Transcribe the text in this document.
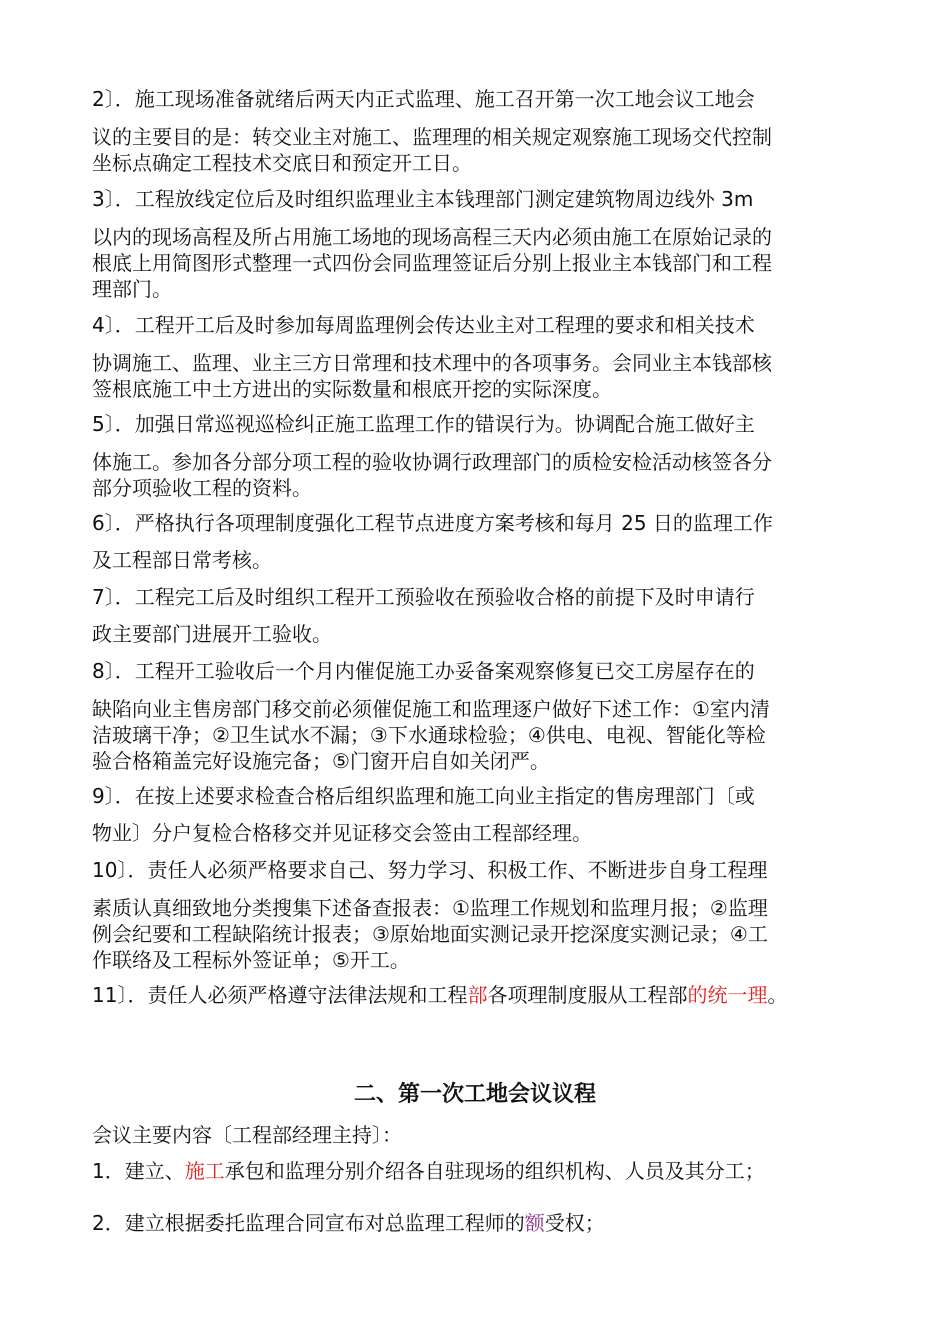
2〕．施工现场准备就绪后两天内正式监理、施工召开第一次工地会议工地会
议的主要目的是：转交业主对施工、监理理的相关规定观察施工现场交代控制
坐标点确定工程技术交底日和预定开工日。
3〕．工程放线定位后及时组织监理业主本钱理部门测定建筑物周边线外 3m
以内的现场高程及所占用施工场地的现场高程三天内必须由施工在原始记录的
根底上用简图形式整理一式四份会同监理签证后分别上报业主本钱部门和工程
理部门。
4〕．工程开工后及时参加每周监理例会传达业主对工程理的要求和相关技术
协调施工、监理、业主三方日常理和技术理中的各项事务。会同业主本钱部核
签根底施工中土方进出的实际数量和根底开挖的实际深度。
5〕．加强日常巡视巡检纠正施工监理工作的错误行为。协调配合施工做好主
体施工。参加各分部分项工程的验收协调行政理部门的质检安检活动核签各分
部分项验收工程的资料。
6〕．严格执行各项理制度强化工程节点进度方案考核和每月 25 日的监理工作
及工程部日常考核。
7〕．工程完工后及时组织工程开工预验收在预验收合格的前提下及时申请行
政主要部门进展开工验收。
8〕．工程开工验收后一个月内催促施工办妥备案观察修复已交工房屋存在的
缺陷向业主售房部门移交前必须催促施工和监理逐户做好下述工作：①室内清
洁玻璃干净；②卫生试水不漏；③下水通球检验；④供电、电视、智能化等检
验合格箱盖完好设施完备；⑤门窗开启自如关闭严。
9〕．在按上述要求检查合格后组织监理和施工向业主指定的售房理部门〔或
物业〕分户复检合格移交并见证移交会签由工程部经理。
10〕．责任人必须严格要求自己、努力学习、积极工作、不断进步自身工程理
素质认真细致地分类搜集下述备查报表：①监理工作规划和监理月报；②监理
例会纪要和工程缺陷统计报表；③原始地面实测记录开挖深度实测记录；④工
作联络及工程标外签证单；⑤开工。
11〕．责任人必须严格遵守法律法规和工程部各项理制度服从工程部的统一理。
二、第一次工地会议议程
会议主要内容〔工程部经理主持〕：
1．建立、施工承包和监理分别介绍各自驻现场的组织机构、人员及其分工；
2．建立根据委托监理合同宣布对总监理工程师的额受权；
